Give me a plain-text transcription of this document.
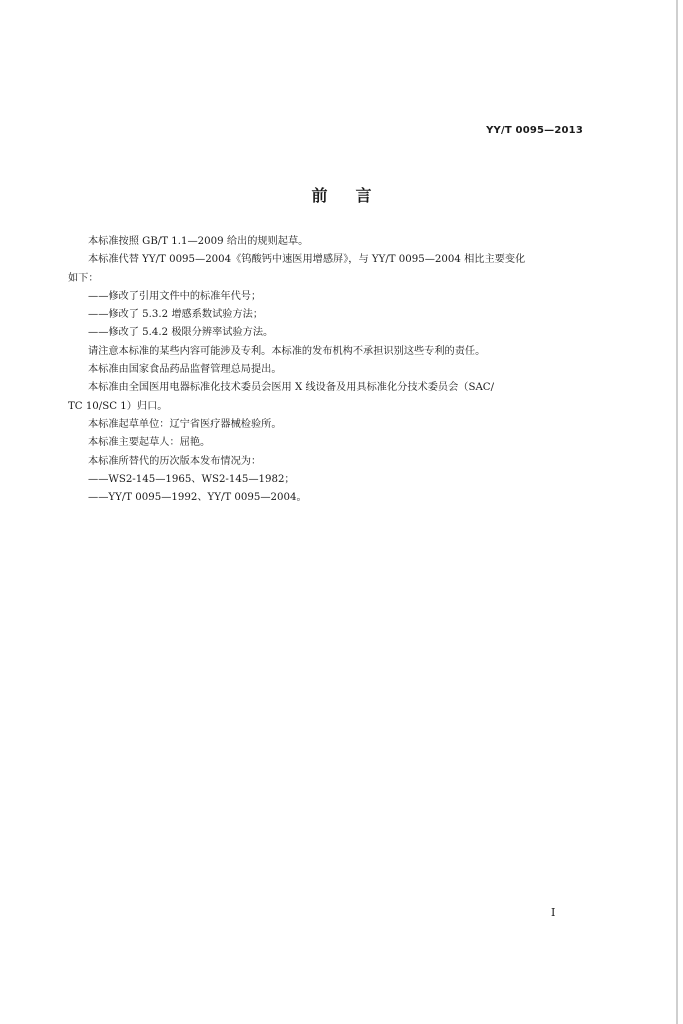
YY/T 0095—2013
前言

本标准按照 GB/T 1.1—2009 给出的规则起草。

本标准代替 YY/T 0095—2004《钨酸钙中速医用增感屏》，与 YY/T 0095—2004 相比主要变化

如下：

——修改了引用文件中的标准年代号；

——修改了 5.3.2 增感系数试验方法；

——修改了 5.4.2 极限分辨率试验方法。

请注意本标准的某些内容可能涉及专利。本标准的发布机构不承担识别这些专利的责任。

本标准由国家食品药品监督管理总局提出。

本标准由全国医用电器标准化技术委员会医用 X 线设备及用具标准化分技术委员会（SAC/

TC 10/SC 1）归口。

本标准起草单位：辽宁省医疗器械检验所。

本标准主要起草人：屈艳。

本标准所替代的历次版本发布情况为：

——WS2-145—1965、WS2-145—1982；

——YY/T 0095—1992、YY/T 0095—2004。

I
